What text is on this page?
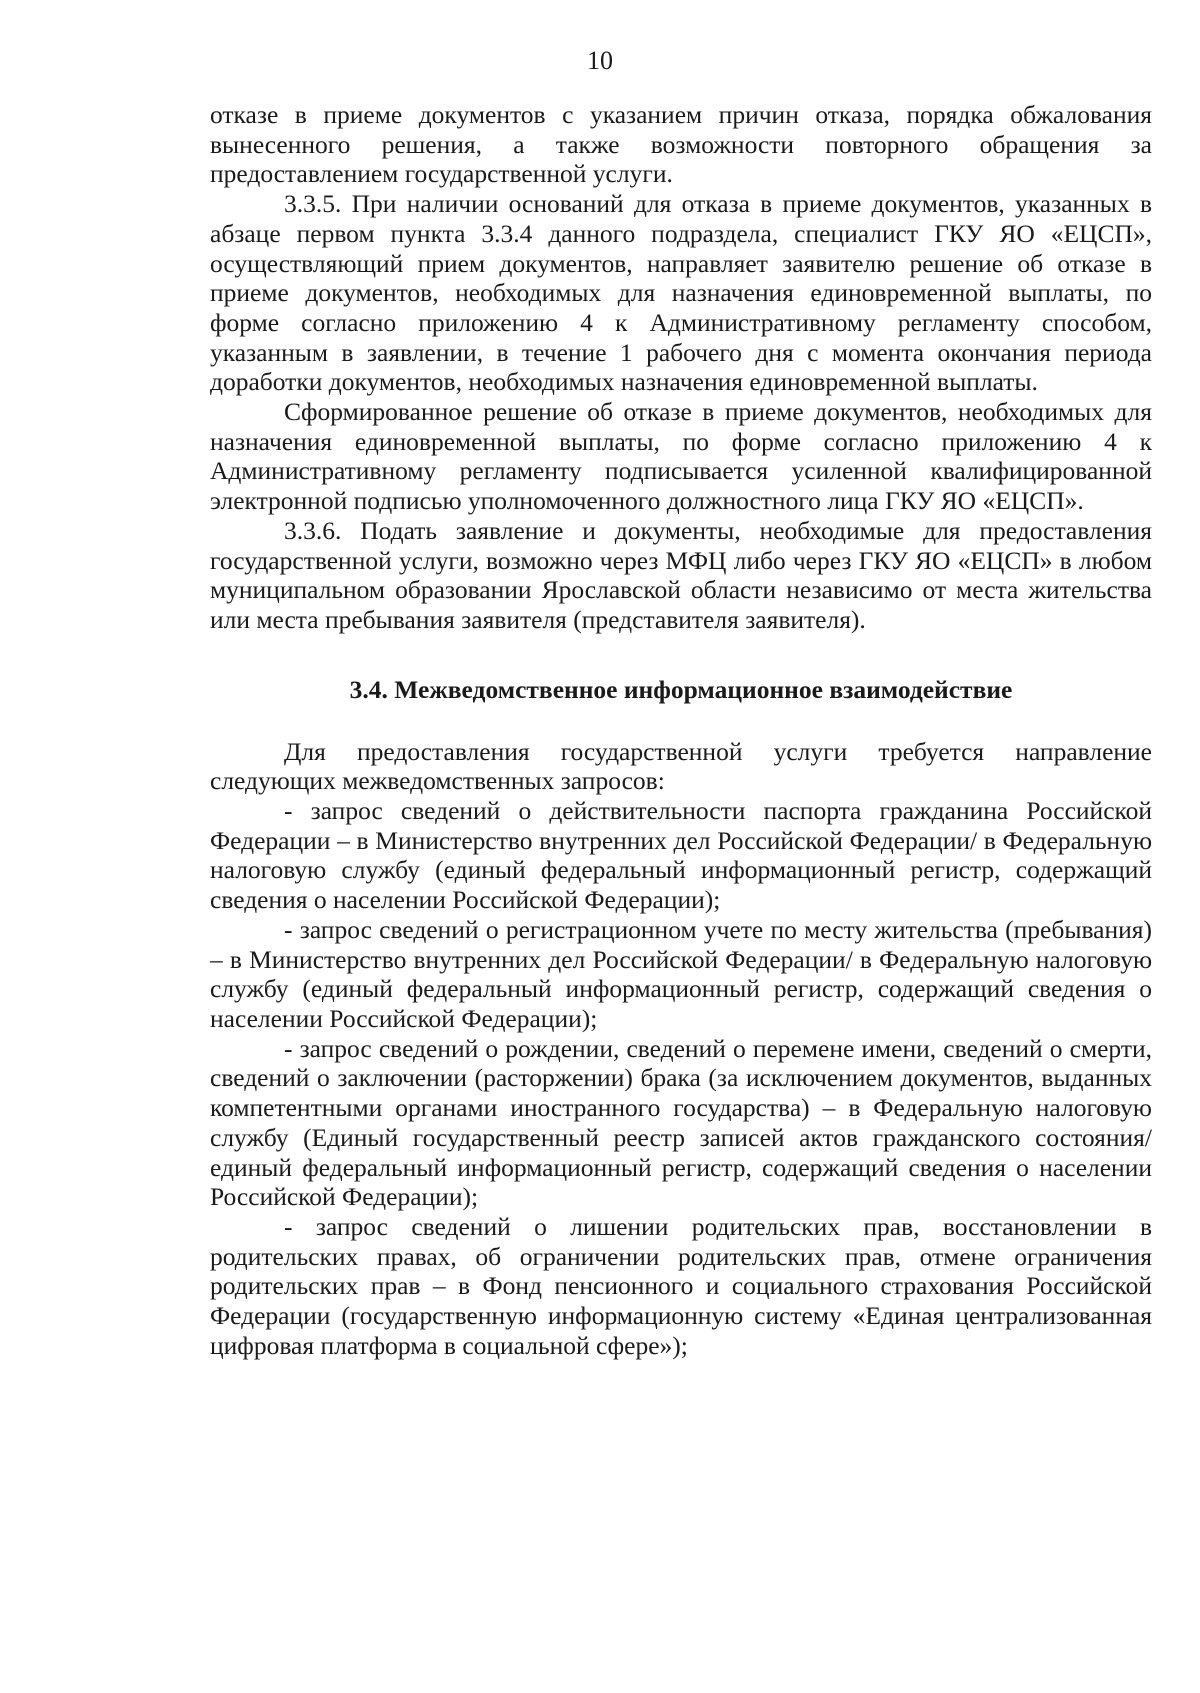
10

отказе в приеме документов с указанием причин отказа, порядка обжалования вынесенного решения, а также возможности повторного обращения за предоставлением государственной услуги.

3.3.5. При наличии оснований для отказа в приеме документов, указанных в абзаце первом пункта 3.3.4 данного подраздела, специалист ГКУ ЯО «ЕЦСП», осуществляющий прием документов, направляет заявителю решение об отказе в приеме документов, необходимых для назначения единовременной выплаты, по форме согласно приложению 4 к Административному регламенту способом, указанным в заявлении, в течение 1 рабочего дня с момента окончания периода доработки документов, необходимых назначения единовременной выплаты.

Сформированное решение об отказе в приеме документов, необходимых для назначения единовременной выплаты, по форме согласно приложению 4 к Административному регламенту подписывается усиленной квалифицированной электронной подписью уполномоченного должностного лица ГКУ ЯО «ЕЦСП».

3.3.6. Подать заявление и документы, необходимые для предоставления государственной услуги, возможно через МФЦ либо через ГКУ ЯО «ЕЦСП» в любом муниципальном образовании Ярославской области независимо от места жительства или места пребывания заявителя (представителя заявителя).

3.4. Межведомственное информационное взаимодействие

Для предоставления государственной услуги требуется направление следующих межведомственных запросов:

- запрос сведений о действительности паспорта гражданина Российской Федерации – в Министерство внутренних дел Российской Федерации/ в Федеральную налоговую службу (единый федеральный информационный регистр, содержащий сведения о населении Российской Федерации);

- запрос сведений о регистрационном учете по месту жительства (пребывания) – в Министерство внутренних дел Российской Федерации/ в Федеральную налоговую службу (единый федеральный информационный регистр, содержащий сведения о населении Российской Федерации);

- запрос сведений о рождении, сведений о перемене имени, сведений о смерти, сведений о заключении (расторжении) брака (за исключением документов, выданных компетентными органами иностранного государства) – в Федеральную налоговую службу (Единый государственный реестр записей актов гражданского состояния/ единый федеральный информационный регистр, содержащий сведения о населении Российской Федерации);

- запрос сведений о лишении родительских прав, восстановлении в родительских правах, об ограничении родительских прав, отмене ограничения родительских прав – в Фонд пенсионного и социального страхования Российской Федерации (государственную информационную систему «Единая централизованная цифровая платформа в социальной сфере»);
